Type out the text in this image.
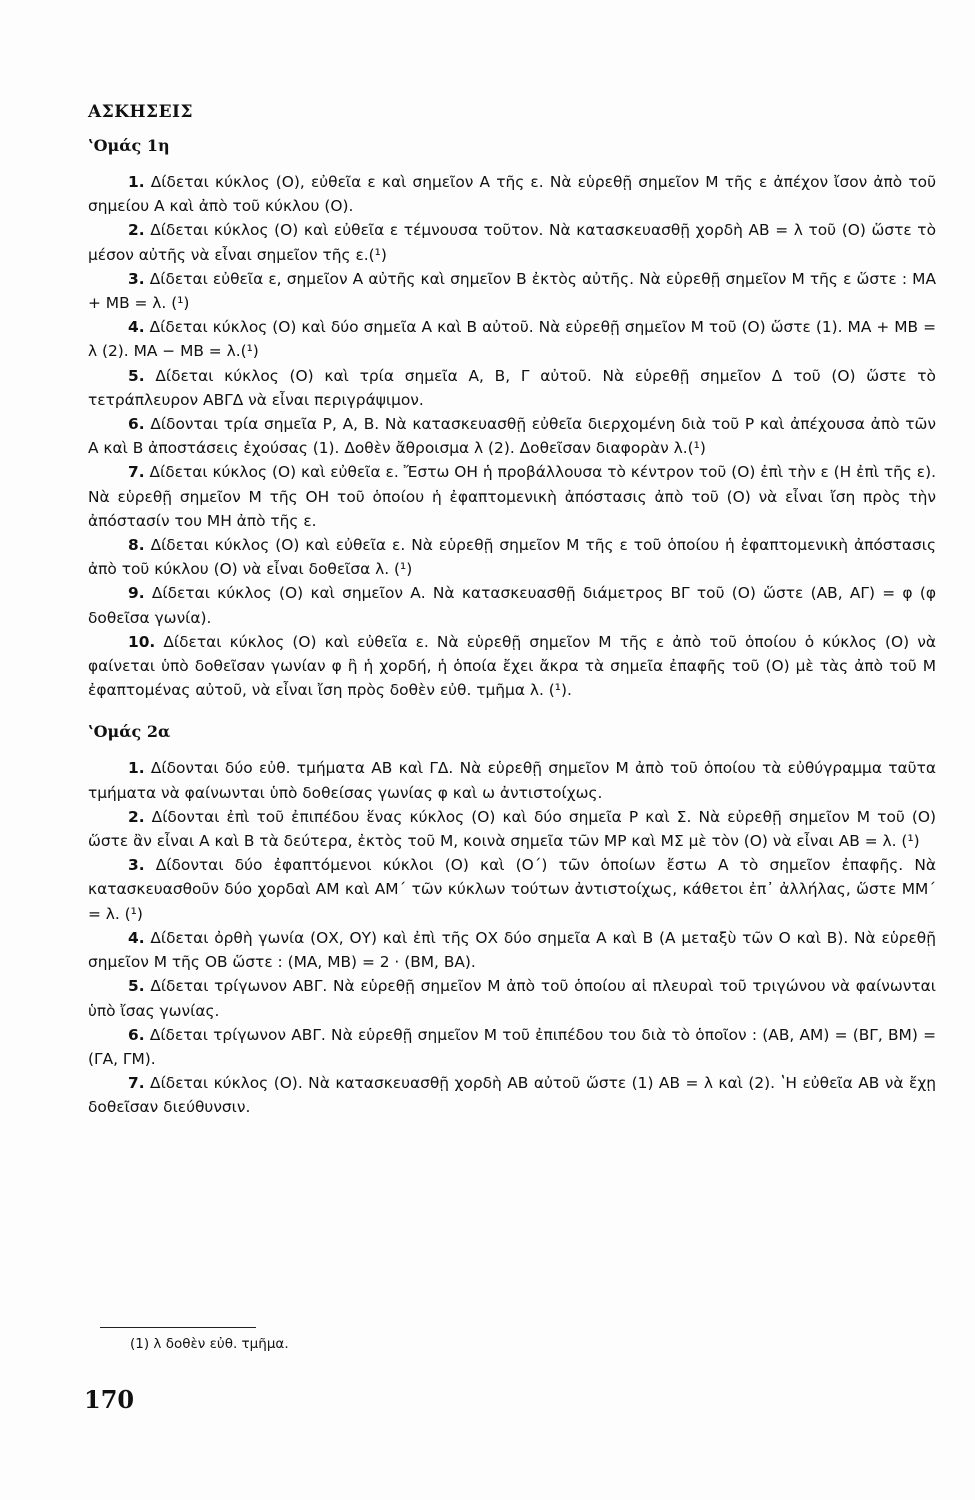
ΑΣΚΗΣΕΙΣ
ʽΟμάς 1η

1. Δίδεται κύκλος (Ο), εὐθεῖα ε καὶ σημεῖον Α τῆς ε. Νὰ εὑρεθῇ σημεῖον Μ τῆς ε ἀπέχον ἴσον ἀπὸ τοῦ σημείου Α καὶ ἀπὸ τοῦ κύκλου (Ο).

2. Δίδεται κύκλος (Ο) καὶ εὐθεῖα ε τέμνουσα τοῦτον. Νὰ κατασκευασθῇ χορδὴ ΑΒ = λ τοῦ (Ο) ὥστε τὸ μέσον αὐτῆς νὰ εἶναι σημεῖον τῆς ε.(¹)

3. Δίδεται εὐθεῖα ε, σημεῖον Α αὐτῆς καὶ σημεῖον Β ἐκτὸς αὐτῆς. Νὰ εὑρεθῇ σημεῖον Μ τῆς ε ὥστε : ΜΑ + ΜΒ = λ. (¹)

4. Δίδεται κύκλος (Ο) καὶ δύο σημεῖα Α καὶ Β αὐτοῦ. Νὰ εὑρεθῇ σημεῖον Μ τοῦ (Ο) ὥστε (1). ΜΑ + ΜΒ = λ (2). ΜΑ − ΜΒ = λ.(¹)

5. Δίδεται κύκλος (Ο) καὶ τρία σημεῖα Α, Β, Γ αὐτοῦ. Νὰ εὑρεθῇ σημεῖον Δ τοῦ (Ο) ὥστε τὸ τετράπλευρον ΑΒΓΔ νὰ εἶναι περιγράψιμον.

6. Δίδονται τρία σημεῖα Ρ, Α, Β. Νὰ κατασκευασθῇ εὐθεῖα διερχομένη διὰ τοῦ Ρ καὶ ἀπέχουσα ἀπὸ τῶν Α καὶ Β ἀποστάσεις ἐχούσας (1). Δοθὲν ἄθροισμα λ (2). Δοθεῖσαν διαφορὰν λ.(¹)

7. Δίδεται κύκλος (Ο) καὶ εὐθεῖα ε. Ἔστω ΟΗ ἡ προβάλλουσα τὸ κέντρον τοῦ (Ο) ἐπὶ τὴν ε (Η ἐπὶ τῆς ε). Νὰ εὑρεθῇ σημεῖον Μ τῆς ΟΗ τοῦ ὁποίου ἡ ἐφαπτομενικὴ ἀπόστασις ἀπὸ τοῦ (Ο) νὰ εἶναι ἴση πρὸς τὴν ἀπόστασίν του ΜΗ ἀπὸ τῆς ε.

8. Δίδεται κύκλος (Ο) καὶ εὐθεῖα ε. Νὰ εὑρεθῇ σημεῖον Μ τῆς ε τοῦ ὁποίου ἡ ἐφαπτομενικὴ ἀπόστασις ἀπὸ τοῦ κύκλου (Ο) νὰ εἶναι δοθεῖσα λ. (¹)

9. Δίδεται κύκλος (Ο) καὶ σημεῖον Α. Νὰ κατασκευασθῇ διάμετρος ΒΓ τοῦ (Ο) ὥστε (ΑΒ, ΑΓ) = φ (φ δοθεῖσα γωνία).

10. Δίδεται κύκλος (Ο) καὶ εὐθεῖα ε. Νὰ εὑρεθῇ σημεῖον Μ τῆς ε ἀπὸ τοῦ ὁποίου ὁ κύκλος (Ο) νὰ φαίνεται ὑπὸ δοθεῖσαν γωνίαν φ ἢ ἡ χορδή, ἡ ὁποία ἔχει ἄκρα τὰ σημεῖα ἐπαφῆς τοῦ (Ο) μὲ τὰς ἀπὸ τοῦ Μ ἐφαπτομένας αὐτοῦ, νὰ εἶναι ἴση πρὸς δοθὲν εὐθ. τμῆμα λ. (¹).

ʽΟμάς 2α

1. Δίδονται δύο εὐθ. τμήματα ΑΒ καὶ ΓΔ. Νὰ εὑρεθῇ σημεῖον Μ ἀπὸ τοῦ ὁποίου τὰ εὐθύγραμμα ταῦτα τμήματα νὰ φαίνωνται ὑπὸ δοθείσας γωνίας φ καὶ ω ἀντιστοίχως.

2. Δίδονται ἐπὶ τοῦ ἐπιπέδου ἕνας κύκλος (Ο) καὶ δύο σημεῖα Ρ καὶ Σ. Νὰ εὑρεθῇ σημεῖον Μ τοῦ (Ο) ὥστε ἂν εἶναι Α καὶ Β τὰ δεύτερα, ἐκτὸς τοῦ Μ, κοινὰ σημεῖα τῶν ΜΡ καὶ ΜΣ μὲ τὸν (Ο) νὰ εἶναι ΑΒ = λ. (¹)

3. Δίδονται δύο ἐφαπτόμενοι κύκλοι (Ο) καὶ (Ο΄) τῶν ὁποίων ἔστω Α τὸ σημεῖον ἐπαφῆς. Νὰ κατασκευασθοῦν δύο χορδαὶ ΑΜ καὶ ΑΜ΄ τῶν κύκλων τούτων ἀντιστοίχως, κάθετοι ἐπ᾿ ἀλλήλας, ὥστε ΜΜ΄ = λ. (¹)

4. Δίδεται ὀρθὴ γωνία (ΟΧ, ΟΥ) καὶ ἐπὶ τῆς ΟΧ δύο σημεῖα Α καὶ Β (Α μεταξὺ τῶν Ο καὶ Β). Νὰ εὑρεθῇ σημεῖον Μ τῆς ΟΒ ὥστε : (ΜΑ, ΜΒ) = 2 · (ΒΜ, ΒΑ).

5. Δίδεται τρίγωνον ΑΒΓ. Νὰ εὑρεθῇ σημεῖον Μ ἀπὸ τοῦ ὁποίου αἱ πλευραὶ τοῦ τριγώνου νὰ φαίνωνται ὑπὸ ἴσας γωνίας.

6. Δίδεται τρίγωνον ΑΒΓ. Νὰ εὑρεθῇ σημεῖον Μ τοῦ ἐπιπέδου του διὰ τὸ ὁποῖον : (ΑΒ, ΑΜ) = (ΒΓ, ΒΜ) = (ΓΑ, ΓΜ).

7. Δίδεται κύκλος (Ο). Νὰ κατασκευασθῇ χορδὴ ΑΒ αὐτοῦ ὥστε (1) ΑΒ = λ καὶ (2). ʽΗ εὐθεῖα ΑΒ νὰ ἔχῃ δοθεῖσαν διεύθυνσιν.

(1) λ δοθὲν εὐθ. τμῆμα.
170
